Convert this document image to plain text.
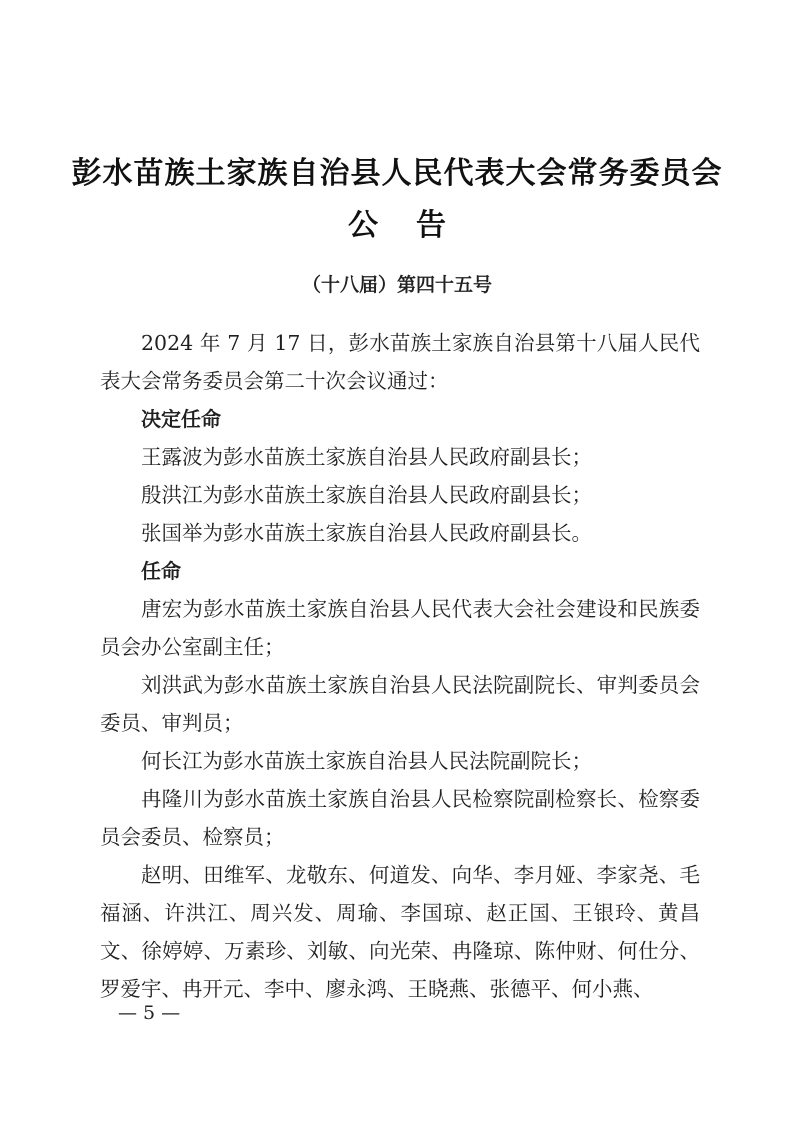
彭水苗族土家族自治县人民代表大会常务委员会
公告
（十八届）第四十五号

2024 年 7 月 17 日，彭水苗族土家族自治县第十八届人民代表大会常务委员会第二十次会议通过：

决定任命

王露波为彭水苗族土家族自治县人民政府副县长；

殷洪江为彭水苗族土家族自治县人民政府副县长；

张国举为彭水苗族土家族自治县人民政府副县长。

任命

唐宏为彭水苗族土家族自治县人民代表大会社会建设和民族委员会办公室副主任；

刘洪武为彭水苗族土家族自治县人民法院副院长、审判委员会委员、审判员；

何长江为彭水苗族土家族自治县人民法院副院长；

冉隆川为彭水苗族土家族自治县人民检察院副检察长、检察委员会委员、检察员；

赵明、田维军、龙敬东、何道发、向华、李月娅、李家尧、毛福涵、许洪江、周兴发、周瑜、李国琼、赵正国、王银玲、黄昌文、徐婷婷、万素珍、刘敏、向光荣、冉隆琼、陈仲财、何仕分、罗爱宇、冉开元、李中、廖永鸿、王晓燕、张德平、何小燕、

— 5 —
